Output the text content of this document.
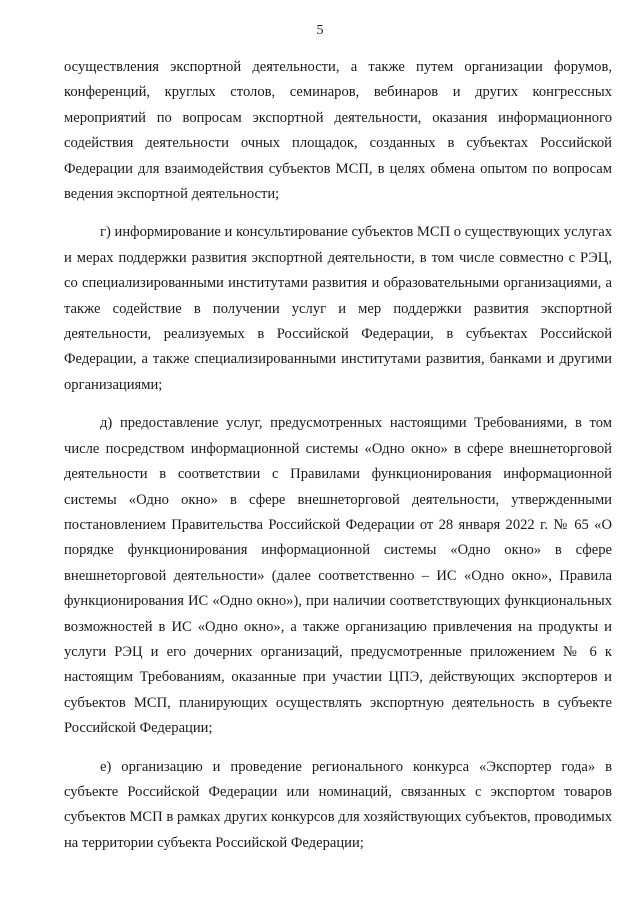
5

осуществления экспортной деятельности, а также путем организации форумов, конференций, круглых столов, семинаров, вебинаров и других конгрессных мероприятий по вопросам экспортной деятельности, оказания информационного содействия деятельности очных площадок, созданных в субъектах Российской Федерации для взаимодействия субъектов МСП, в целях обмена опытом по вопросам ведения экспортной деятельности;

г) информирование и консультирование субъектов МСП о существующих услугах и мерах поддержки развития экспортной деятельности, в том числе совместно с РЭЦ, со специализированными институтами развития и образовательными организациями, а также содействие в получении услуг и мер поддержки развития экспортной деятельности, реализуемых в Российской Федерации, в субъектах Российской Федерации, а также специализированными институтами развития, банками и другими организациями;

д) предоставление услуг, предусмотренных настоящими Требованиями, в том числе посредством информационной системы «Одно окно» в сфере внешнеторговой деятельности в соответствии с Правилами функционирования информационной системы «Одно окно» в сфере внешнеторговой деятельности, утвержденными постановлением Правительства Российской Федерации от 28 января 2022 г. № 65 «О порядке функционирования информационной системы «Одно окно» в сфере внешнеторговой деятельности» (далее соответственно – ИС «Одно окно», Правила функционирования ИС «Одно окно»), при наличии соответствующих функциональных возможностей в ИС «Одно окно», а также организацию привлечения на продукты и услуги РЭЦ и его дочерних организаций, предусмотренные приложением № 6 к настоящим Требованиям, оказанные при участии ЦПЭ, действующих экспортеров и субъектов МСП, планирующих осуществлять экспортную деятельность в субъекте Российской Федерации;

е) организацию и проведение регионального конкурса «Экспортер года» в субъекте Российской Федерации или номинаций, связанных с экспортом товаров субъектов МСП в рамках других конкурсов для хозяйствующих субъектов, проводимых на территории субъекта Российской Федерации;
